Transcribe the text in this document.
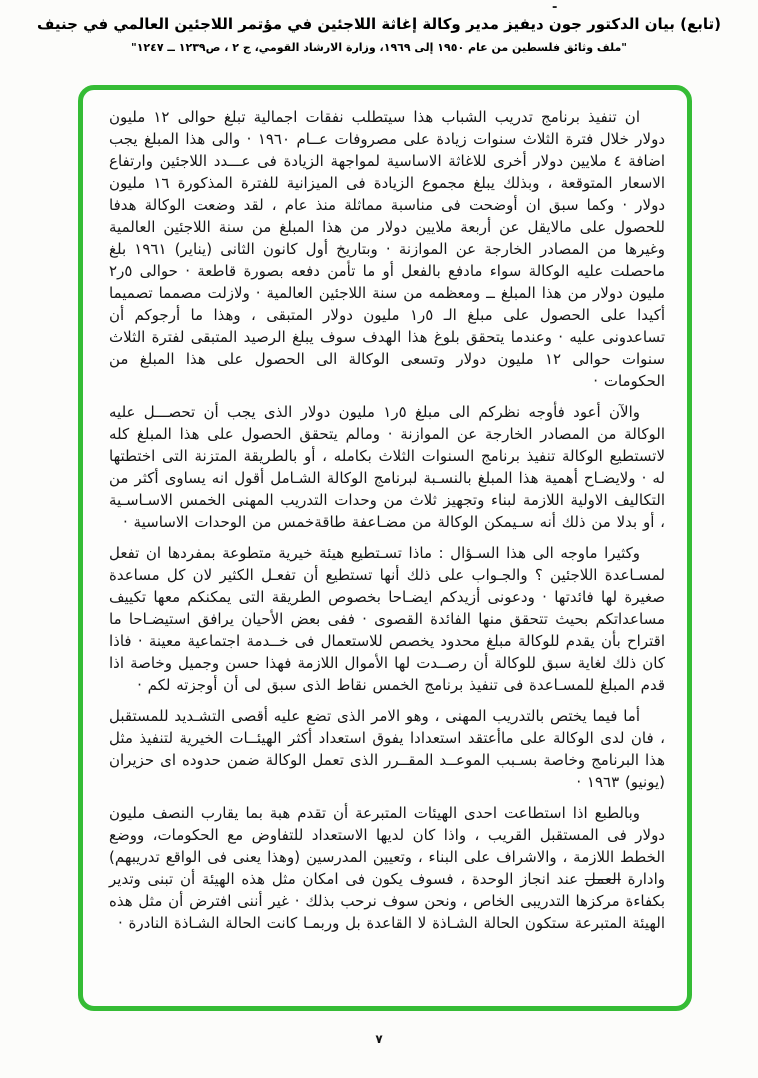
-
(تابع) بيان الدكتور جون ديفيز مدير وكالة إغاثة اللاجئين في مؤتمر اللاجئين العالمي في جنيف
"ملف وثائق فلسطين من عام ١٩٥٠ إلى ١٩٦٩، وزارة الارشاد القومي، ج ٢ ، ص١٢٣٩ ــ ١٢٤٧"

ان تنفيذ برنامج تدريب الشباب هذا سيتطلب نفقات اجمالية تبلغ حوالى ١٢ مليون دولار خلال فترة الثلاث سنوات زيادة على مصروفات عــام ١٩٦٠ · والى هذا المبلغ يجب اضافة ٤ ملايين دولار أخرى للاغاثة الاساسية لمواجهة الزيادة فى عـــدد اللاجئين وارتفاع الاسعار المتوقعة ، وبذلك يبلغ مجموع الزيادة فى الميزانية للفترة المذكورة ١٦ مليون دولار · وكما سبق ان أوضحت فى مناسبة مماثلة منذ عام ، لقد وضعت الوكالة هدفا للحصول على مالايقل عن أربعة ملايين دولار من هذا المبلغ من سنة اللاجئين العالمية وغيرها من المصادر الخارجة عن الموازنة · وبتاريخ أول كانون الثانى (يناير) ١٩٦١ بلغ ماحصلت عليه الوكالة سواء مادفع بالفعل أو ما تأمن دفعه بصورة قاطعة · حوالى ٥ر٢ مليون دولار من هذا المبلغ ــ ومعظمه من سنة اللاجئين العالمية · ولازلت مصمما تصميما أكيدا على الحصول على مبلغ الـ ٥ر١ مليون دولار المتبقى ، وهذا ما أرجوكم أن تساعدونى عليه · وعندما يتحقق بلوغ هذا الهدف سوف يبلغ الرصيد المتبقى لفترة الثلاث سنوات حوالى ١٢ مليون دولار وتسعى الوكالة الى الحصول على هذا المبلغ من الحكومات ·

والآن أعود فأوجه نظركم الى مبلغ ٥ر١ مليون دولار الذى يجب أن تحصـــل عليه الوكالة من المصادر الخارجة عن الموازنة · ومالم يتحقق الحصول على هذا المبلغ كله لاتستطيع الوكالة تنفيذ برنامج السنوات الثلاث بكامله ، أو بالطريقة المتزنة التى اختطتها له · ولايضـاح أهمية هذا المبلغ بالنسـبة لبرنامج الوكالة الشـامل أقول انه يساوى أكثر من التكاليف الاولية اللازمة لبناء وتجهيز ثلاث من وحدات التدريب المهنى الخمس الاسـاسـية ، أو بدلا من ذلك أنه سـيمكن الوكالة من مضـاعفة طاقةخمس من الوحدات الاساسية ·

وكثيرا ماوجه الى هذا السـؤال : ماذا تسـتطيع هيئة خيرية متطوعة بمفردها ان تفعل لمسـاعدة اللاجئين ؟ والجـواب على ذلك أنها تستطيع أن تفعـل الكثير لان كل مساعدة صغيرة لها فائدتها · ودعونى أزيدكم ايضـاحا بخصوص الطريقة التى يمكنكم معها تكييف مساعداتكم بحيث تتحقق منها الفائدة القصوى · ففى بعض الأحيان يرافق استيضـاحا ما اقتراح بأن يقدم للوكالة مبلغ محدود يخصص للاستعمال فى خــدمة اجتماعية معينة · فاذا كان ذلك لغاية سبق للوكالة أن رصــدت لها الأموال اللازمة فهذا حسن وجميل وخاصة اذا قدم المبلغ للمسـاعدة فى تنفيذ برنامج الخمس نقاط الذى سبق لى أن أوجزته لكم ·

أما فيما يختص بالتدريب المهنى ، وهو الامر الذى تضع عليه أقصى التشـديد للمستقبل ، فان لدى الوكالة على ماأعتقد استعدادا يفوق استعداد أكثر الهيئــات الخيرية لتنفيذ مثل هذا البرنامج وخاصة بسـبب الموعــد المقــرر الذى تعمل الوكالة ضمن حدوده اى حزيران (يونيو) ١٩٦٣ ·

وبالطبع اذا استطاعت احدى الهيئات المتبرعة أن تقدم هبة بما يقارب النصف مليون دولار فى المستقبل القريب ، واذا كان لديها الاستعداد للتفاوض مع الحكومات، ووضع الخطط اللازمة ، والاشراف على البناء ، وتعيين المدرسين (وهذا يعنى فى الواقع تدريبهم) وادارة العمل عند انجاز الوحدة ، فسوف يكون فى امكان مثل هذه الهيئة أن تبنى وتدير بكفاءة مركزها التدريبى الخاص ، ونحن سوف نرحب بذلك · غير أننى افترض أن مثل هذه الهيئة المتبرعة ستكون الحالة الشـاذة لا القاعدة بل وربمـا كانت الحالة الشـاذة النادرة ·

٧
